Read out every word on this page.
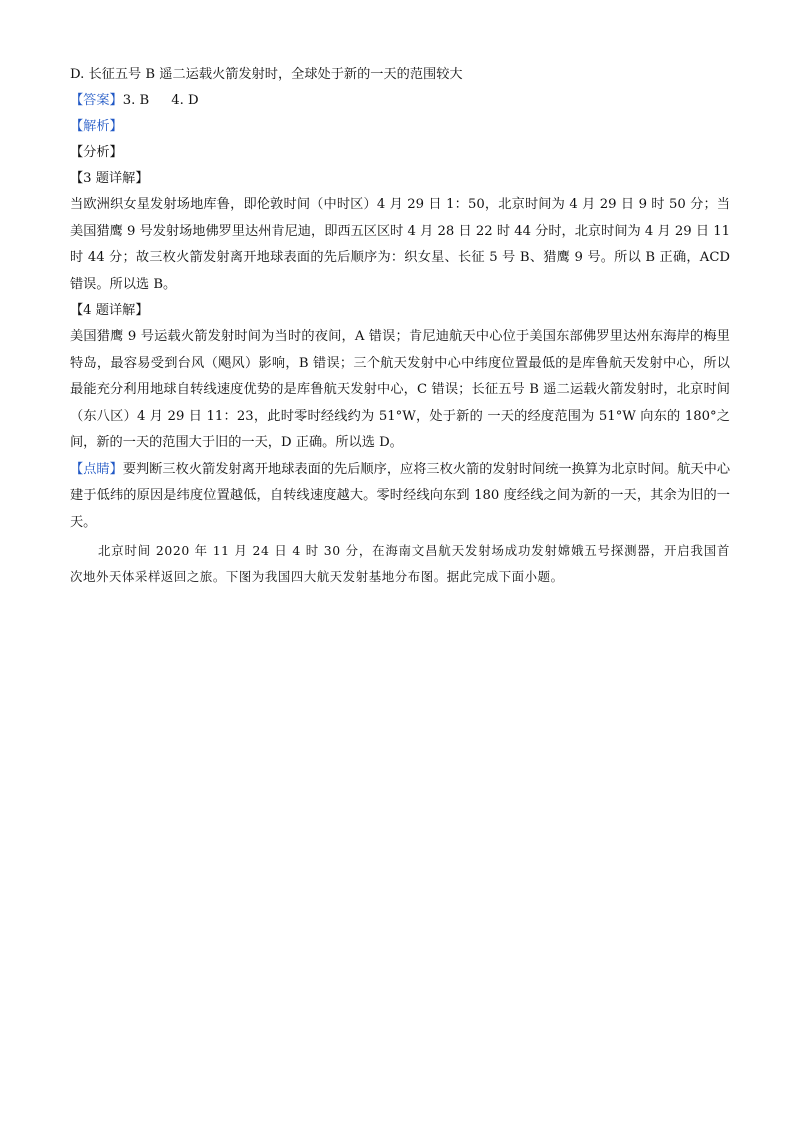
D. 长征五号 B 遥二运载火箭发射时，全球处于新的一天的范围较大

【答案】3. B 4. D

【解析】

【分析】

【3 题详解】

当欧洲织女星发射场地库鲁，即伦敦时间（中时区）4 月 29 日 1：50，北京时间为 4 月 29 日 9 时 50 分；当美国猎鹰 9 号发射场地佛罗里达州肯尼迪，即西五区区时 4 月 28 日 22 时 44 分时，北京时间为 4 月 29 日 11 时 44 分；故三枚火箭发射离开地球表面的先后顺序为：织女星、长征 5 号 B、猎鹰 9 号。所以 B 正确，ACD 错误。所以选 B。

【4 题详解】

美国猎鹰 9 号运载火箭发射时间为当时的夜间，A 错误；肯尼迪航天中心位于美国东部佛罗里达州东海岸的梅里特岛，最容易受到台风（飓风）影响，B 错误；三个航天发射中心中纬度位置最低的是库鲁航天发射中心，所以最能充分利用地球自转线速度优势的是库鲁航天发射中心，C 错误；长征五号 B 遥二运载火箭发射时，北京时间（东八区）4 月 29 日 11：23，此时零时经线约为 51°W，处于新的 一天的经度范围为 51°W 向东的 180°之间，新的一天的范围大于旧的一天，D 正确。所以选 D。

【点睛】要判断三枚火箭发射离开地球表面的先后顺序，应将三枚火箭的发射时间统一换算为北京时间。航天中心建于低纬的原因是纬度位置越低，自转线速度越大。零时经线向东到 180 度经线之间为新的一天，其余为旧的一天。

北京时间 2020 年 11 月 24 日 4 时 30 分，在海南文昌航天发射场成功发射嫦娥五号探测器，开启我国首次地外天体采样返回之旅。下图为我国四大航天发射基地分布图。据此完成下面小题。
